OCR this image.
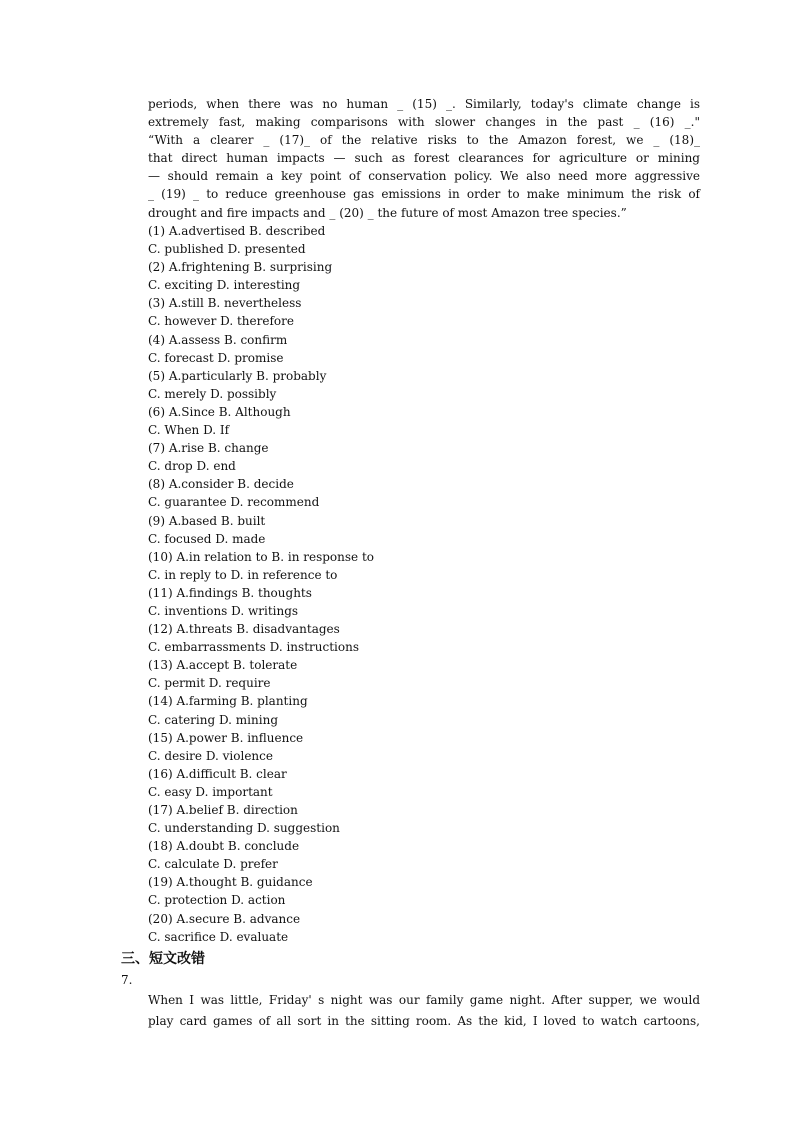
periods, when there was no human _ (15) _. Similarly, today's climate change is
extremely fast, making comparisons with slower changes in the past _ (16) _."
“With a clearer _ (17)_ of the relative risks to the Amazon forest, we _ (18)_
that direct human impacts — such as forest clearances for agriculture or mining
— should remain a key point of conservation policy. We also need more aggressive
_ (19) _ to reduce greenhouse gas emissions in order to make minimum the risk of
drought and fire impacts and _ (20) _ the future of most Amazon tree species.”
(1) A.advertised B. described
C. published D. presented
(2) A.frightening B. surprising
C. exciting D. interesting
(3) A.still B. nevertheless
C. however D. therefore
(4) A.assess B. confirm
C. forecast D. promise
(5) A.particularly B. probably
C. merely D. possibly
(6) A.Since B. Although
C. When D. If
(7) A.rise B. change
C. drop D. end
(8) A.consider B. decide
C. guarantee D. recommend
(9) A.based B. built
C. focused D. made
(10) A.in relation to B. in response to
C. in reply to D. in reference to
(11) A.findings B. thoughts
C. inventions D. writings
(12) A.threats B. disadvantages
C. embarrassments D. instructions
(13) A.accept B. tolerate
C. permit D. require
(14) A.farming B. planting
C. catering D. mining
(15) A.power B. influence
C. desire D. violence
(16) A.difficult B. clear
C. easy D. important
(17) A.belief B. direction
C. understanding D. suggestion
(18) A.doubt B. conclude
C. calculate D. prefer
(19) A.thought B. guidance
C. protection D. action
(20) A.secure B. advance
C. sacrifice D. evaluate
三、短文改错
7.
When I was little, Friday' s night was our family game night. After supper, we would
play card games of all sort in the sitting room. As the kid, I loved to watch cartoons,
